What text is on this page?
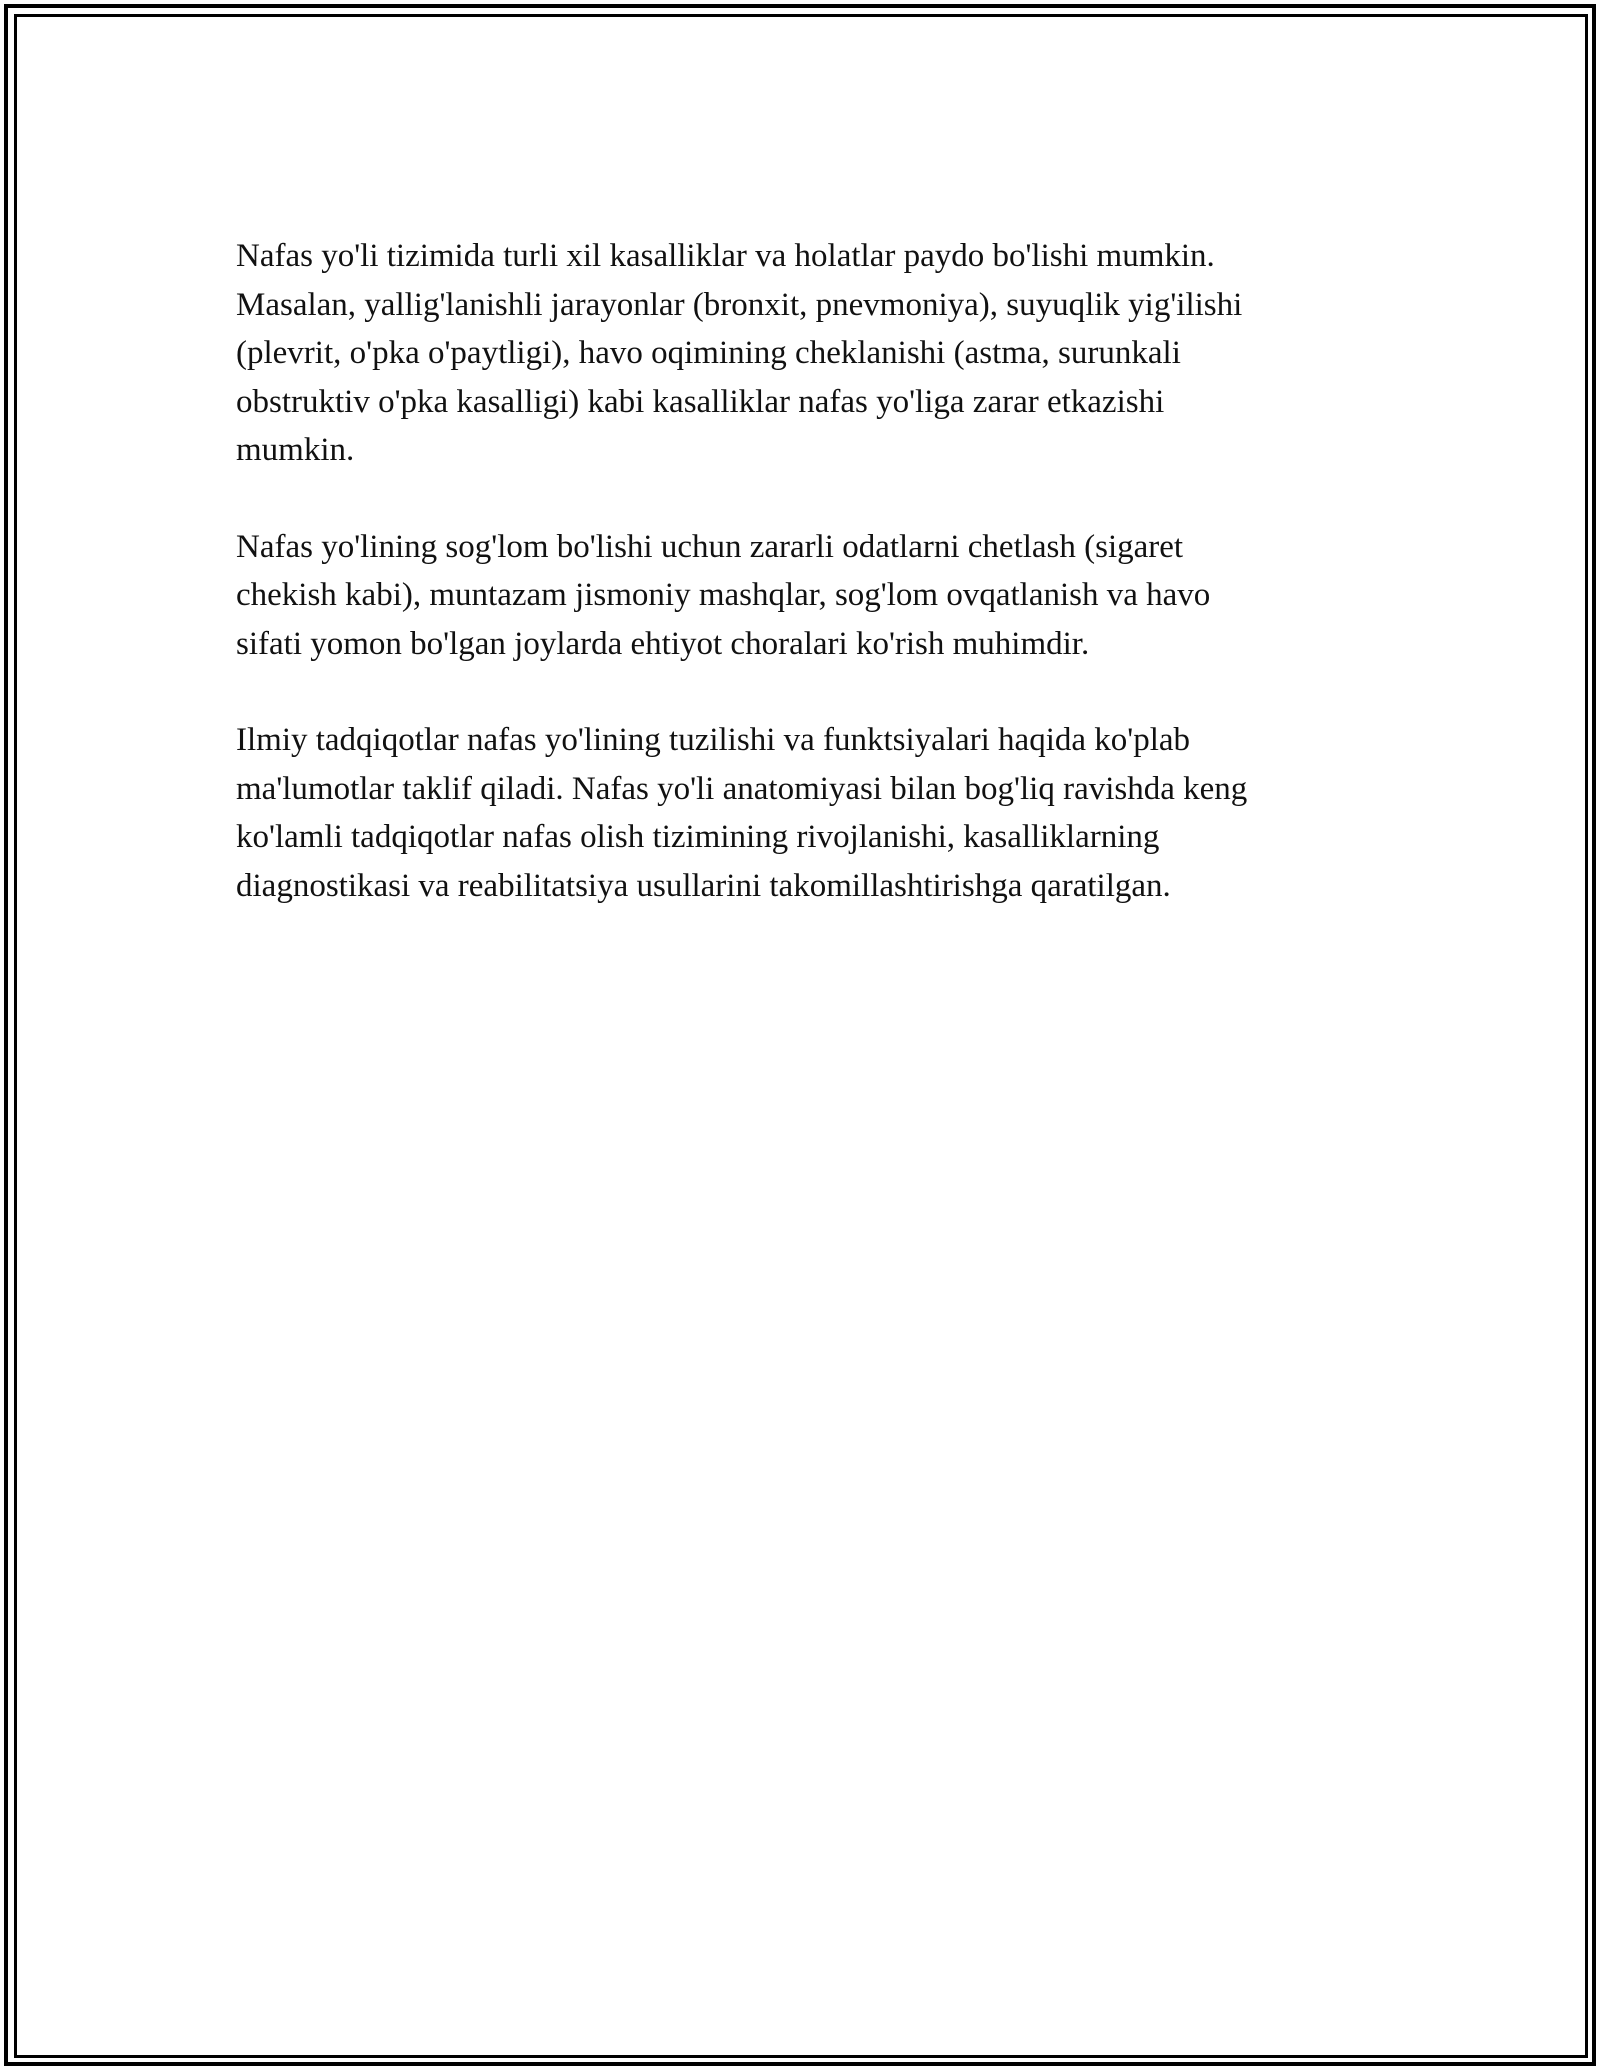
Nafas yo'li tizimida turli xil kasalliklar va holatlar paydo bo'lishi mumkin.
Masalan, yallig'lanishli jarayonlar (bronxit, pnevmoniya), suyuqlik yig'ilishi
(plevrit, o'pka o'paytligi), havo oqimining cheklanishi (astma, surunkali
obstruktiv o'pka kasalligi) kabi kasalliklar nafas yo'liga zarar etkazishi
mumkin.

Nafas yo'lining sog'lom bo'lishi uchun zararli odatlarni chetlash (sigaret
chekish kabi), muntazam jismoniy mashqlar, sog'lom ovqatlanish va havo
sifati yomon bo'lgan joylarda ehtiyot choralari ko'rish muhimdir.

Ilmiy tadqiqotlar nafas yo'lining tuzilishi va funktsiyalari haqida ko'plab
ma'lumotlar taklif qiladi. Nafas yo'li anatomiyasi bilan bog'liq ravishda keng
ko'lamli tadqiqotlar nafas olish tizimining rivojlanishi, kasalliklarning
diagnostikasi va reabilitatsiya usullarini takomillashtirishga qaratilgan.
